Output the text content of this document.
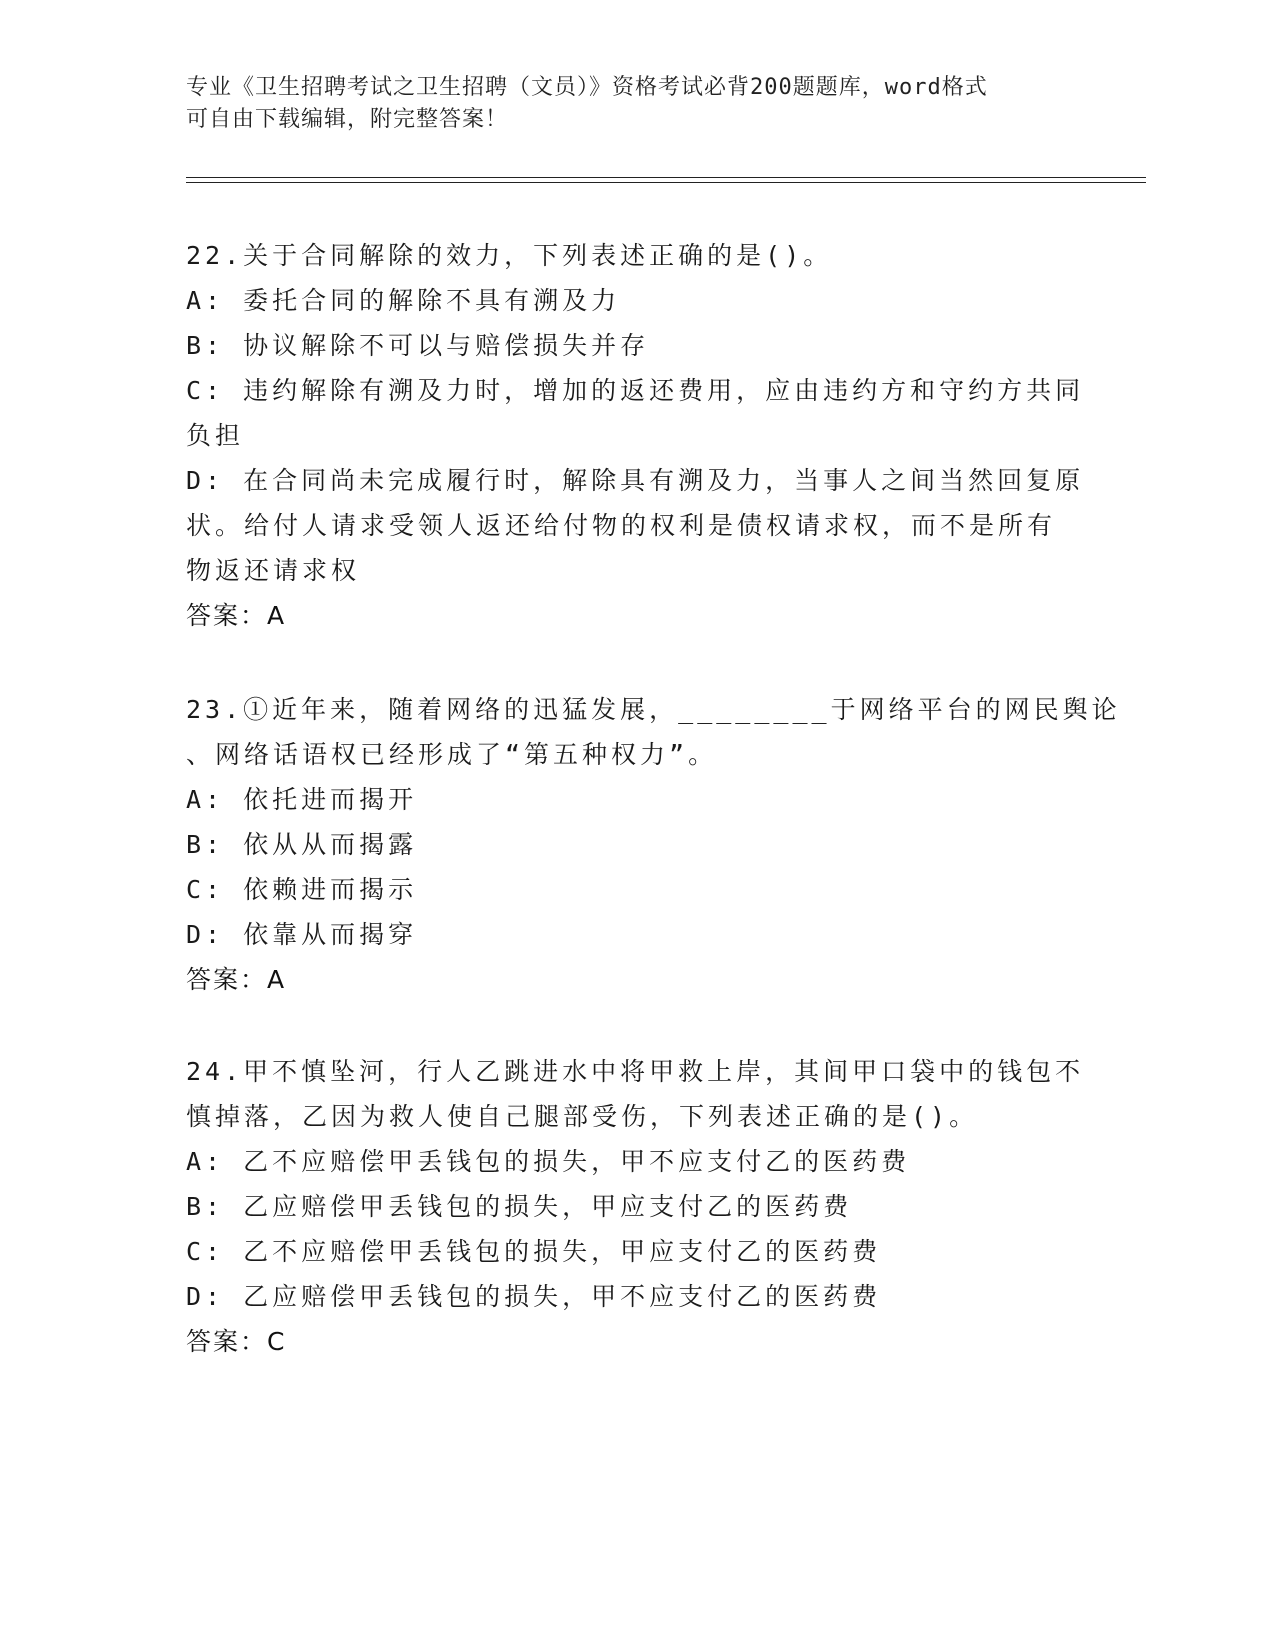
专业《卫生招聘考试之卫生招聘（文员）》资格考试必背200题题库，word格式

可自由下载编辑，附完整答案！

22.关于合同解除的效力，下列表述正确的是()。

A: 委托合同的解除不具有溯及力

B: 协议解除不可以与赔偿损失并存

C: 违约解除有溯及力时，增加的返还费用，应由违约方和守约方共同

负担

D: 在合同尚未完成履行时，解除具有溯及力，当事人之间当然回复原

状。给付人请求受领人返还给付物的权利是债权请求权，而不是所有

物返还请求权

答案：A

23.①近年来，随着网络的迅猛发展，________于网络平台的网民舆论

、网络话语权已经形成了“第五种权力”。

A: 依托进而揭开

B: 依从从而揭露

C: 依赖进而揭示

D: 依靠从而揭穿

答案：A

24.甲不慎坠河，行人乙跳进水中将甲救上岸，其间甲口袋中的钱包不

慎掉落，乙因为救人使自己腿部受伤，下列表述正确的是()。

A: 乙不应赔偿甲丢钱包的损失，甲不应支付乙的医药费

B: 乙应赔偿甲丢钱包的损失，甲应支付乙的医药费

C: 乙不应赔偿甲丢钱包的损失，甲应支付乙的医药费

D: 乙应赔偿甲丢钱包的损失，甲不应支付乙的医药费

答案：C
